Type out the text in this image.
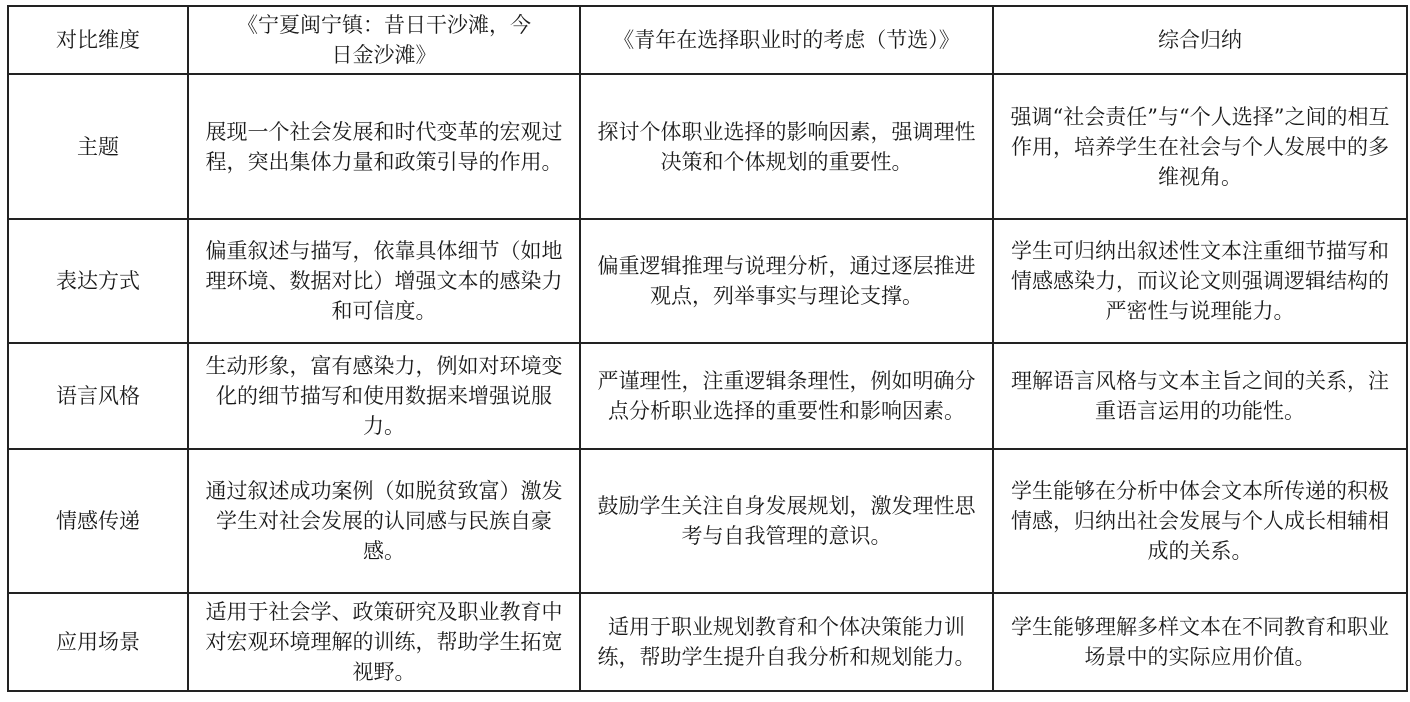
对比维度	《宁夏闽宁镇：昔日干沙滩，今日金沙滩》	《青年在选择职业时的考虑（节选）》	综合归纳
主题	展现一个社会发展和时代变革的宏观过程，突出集体力量和政策引导的作用。	探讨个体职业选择的影响因素，强调理性决策和个体规划的重要性。	强调“社会责任”与“个人选择”之间的相互作用，培养学生在社会与个人发展中的多维视角。
表达方式	偏重叙述与描写，依靠具体细节（如地理环境、数据对比）增强文本的感染力和可信度。	偏重逻辑推理与说理分析，通过逐层推进观点，列举事实与理论支撑。	学生可归纳出叙述性文本注重细节描写和情感感染力，而议论文则强调逻辑结构的严密性与说理能力。
语言风格	生动形象，富有感染力，例如对环境变化的细节描写和使用数据来增强说服力。	严谨理性，注重逻辑条理性，例如明确分点分析职业选择的重要性和影响因素。	理解语言风格与文本主旨之间的关系，注重语言运用的功能性。
情感传递	通过叙述成功案例（如脱贫致富）激发学生对社会发展的认同感与民族自豪感。	鼓励学生关注自身发展规划，激发理性思考与自我管理的意识。	学生能够在分析中体会文本所传递的积极情感，归纳出社会发展与个人成长相辅相成的关系。
应用场景	适用于社会学、政策研究及职业教育中对宏观环境理解的训练，帮助学生拓宽视野。	适用于职业规划教育和个体决策能力训练，帮助学生提升自我分析和规划能力。	学生能够理解多样文本在不同教育和职业场景中的实际应用价值。
